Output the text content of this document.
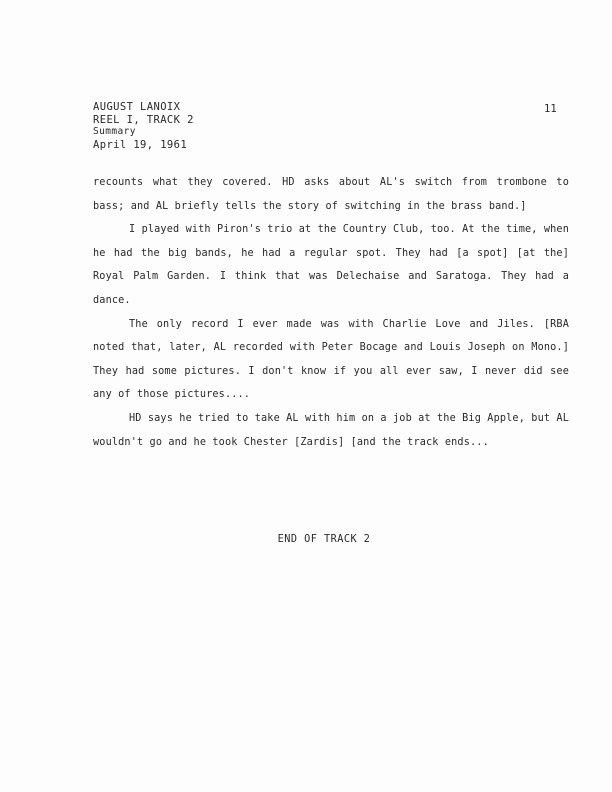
AUGUST LANOIX
REEL I, TRACK 2
Summary
April 19, 1961
11

recounts what they covered. HD asks about AL's switch from trombone to bass; and AL briefly tells the story of switching in the brass band.]

I played with Piron's trio at the Country Club, too. At the time, when he had the big bands, he had a regular spot. They had [a spot] [at the] Royal Palm Garden. I think that was Delechaise and Saratoga. They had a dance.

The only record I ever made was with Charlie Love and Jiles. [RBA noted that, later, AL recorded with Peter Bocage and Louis Joseph on Mono.] They had some pictures. I don't know if you all ever saw, I never did see any of those pictures....

HD says he tried to take AL with him on a job at the Big Apple, but AL wouldn't go and he took Chester [Zardis] [and the track ends...

END OF TRACK 2
